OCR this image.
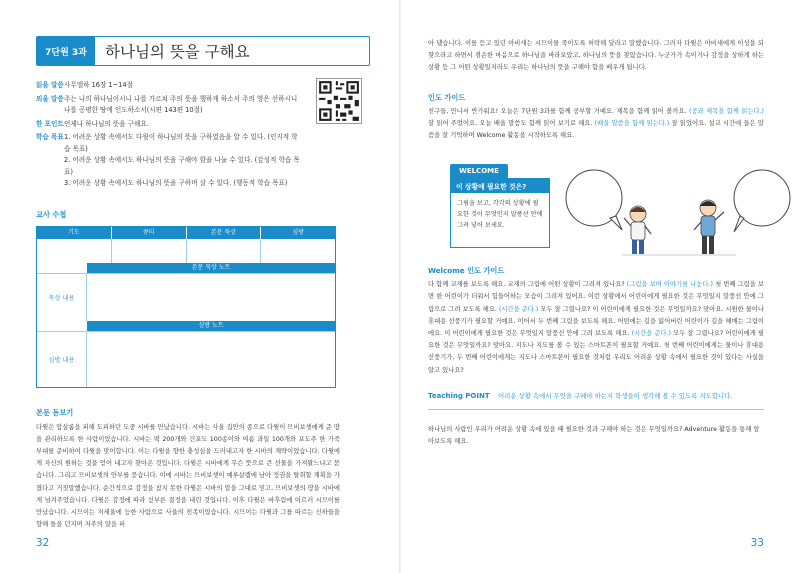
7단원 3과	하나님의 뜻을 구해요
읽을 말씀 사무엘하 16장 1~14절
외울 말씀 주는 나의 하나님이시니 나를 가르쳐 주의 뜻을 행하게 하소서 주의 영은 선하시니 나를 공평한 땅에 인도하소서(시편 143편 10절)
한 포인트 언제나 하나님의 뜻을 구해요.
학습 목표 1. 어려운 상황 속에서도 다윗이 하나님의 뜻을 구하였음을 알 수 있다. (인지적 학습 목표)
2. 어려운 상황 속에서도 하나님의 뜻을 구해야 함을 나눌 수 있다. (감성적 학습 목표)
3. 어려운 상황 속에서도 하나님의 뜻을 구하며 살 수 있다. (행동적 학습 목표)
교사 수첩
기도	큐티	본문 묵상	심방
본문 묵상 노트
묵상 내용
심방 노트
심방 내용
본문 돋보기
다윗은 압살롬을 피해 도피하던 도중 시바를 만났습니다. 시바는 사울 집안의 종으로 다윗이 므비보셋에게 준 땅을 관리하도록 한 사람이었습니다. 시바는 떡 200개와 건포도 100송이와 여름 과일 100개와 포도주 한 가죽 부대를 준비하여 다윗을 맞이합니다. 이는 다윗을 향한 충성심을 드러내고자 한 시바의 계략이었습니다. 다윗에게 자신의 원하는 것을 얻어 내고자 찾아온 것입니다. 다윗은 시바에게 무슨 뜻으로 큰 선물을 가져왔느냐고 묻습니다. 그리고 므비보셋의 안부를 묻습니다. 이에 시바는 므비보셋이 예루살렘에 남아 정권을 탈취할 계획을 가졌다고 거짓말했습니다. 순간적으로 감정을 참지 못한 다윗은 시바의 말을 그대로 믿고, 므비보셋의 땅을 시바에게 넘겨주었습니다. 다윗은 감정에 따라 섣부른 결정을 내린 것입니다. 이후 다윗은 바후림에 이르러 시므이를 만났습니다. 시므이는 저세울에 능한 사람으로 사울의 친족이었습니다. 시므이는 다윗과 그를 따르는 신하들을 향해 돌을 던지며 저주의 말을 퍼
32
아 댔습니다. 이를 듣고 있던 아비새는 시므이를 죽이도록 허락해 달라고 말했습니다. 그러자 다윗은 아비새에게 이성을 되찾으라고 하면서 겸손한 마음으로 하나님을 바라보았고, 하나님의 뜻을 찾았습니다. 누군가가 속이거나 감정을 상하게 하는 상황 등 그 어떤 상황일지라도 우리는 하나님의 뜻을 구해야 함을 배우게 됩니다.
인도 가이드
친구들, 만나서 반가워요! 오늘은 7단원 3과를 함께 공부할 거예요. 제목을 함께 읽어 볼까요. (공과 제목을 함께 읽는다.) 잘 읽어 주었어요. 오늘 배울 말씀도 함께 읽어 보기로 해요. (배울 말씀을 함께 읽는다.) 잘 읽었어요. 설교 시간에 들은 말씀을 잘 기억하며 Welcome 활동을 시작하도록 해요.
WELCOME
이 상황에 필요한 것은?
그림을 보고, 각각의 상황에 필요한 것이 무엇인지 말풍선 안에 그려 넣어 보세요.
Welcome 인도 가이드
다 함께 교재를 보도록 해요. 교재의 그림에 어떤 상황이 그려져 있나요? (그림을 보며 이야기를 나눈다.) 첫 번째 그림을 보면 한 어린이가 더워서 힘들어하는 모습이 그려져 있어요. 이런 상황에서 어린이에게 필요한 것은 무엇일지 말풍선 안에 그림으로 그려 보도록 해요. (시간을 준다.) 모두 잘 그렸나요? 이 어린이에게 필요한 것은 무엇일까요? 맞아요. 시원한 물이나 휴대용 선풍기가 필요할 거예요. 이어서 두 번째 그림을 보도록 해요. 어떤에는 길을 잃어버린 어린이가 길을 헤매는 그림이에요. 이 어린이에게 필요한 것은 무엇일지 말풍선 안에 그려 보도록 해요. (시간을 준다.) 모두 잘 그렸나요? 어린이에게 필요한 것은 무엇일까요? 맞아요. 지도나 지도를 볼 수 있는 스마트폰이 필요할 거예요. 첫 번째 어린이에게는 물이나 휴대용 선풍기가, 두 번째 어린이에게는 지도나 스마트폰이 필요한 것처럼 우리도 어려운 상황 속에서 필요한 것이 있다는 사실을 알고 있나요?
Teaching POINT	어려운 상황 속에서 무엇을 구해야 하는지 학생들이 생각해 볼 수 있도록 지도합니다.
하나님의 사람인 우리가 어려운 상황 속에 있을 때 필요한 것과 구해야 하는 것은 무엇일까요? Adventure 활동을 통해 알아보도록 해요.
33
